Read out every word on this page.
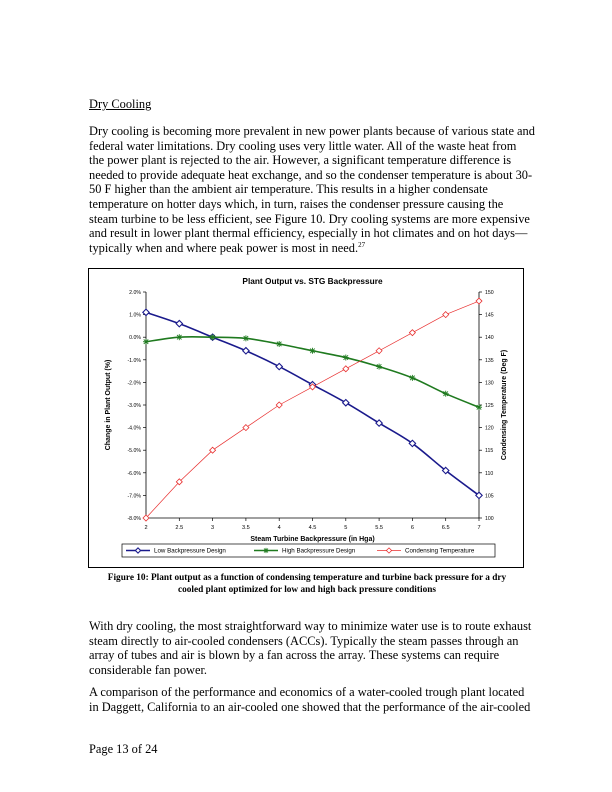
Dry Cooling

Dry cooling is becoming more prevalent in new power plants because of various state and
federal water limitations. Dry cooling uses very little water. All of the waste heat from
the power plant is rejected to the air. However, a significant temperature difference is
needed to provide adequate heat exchange, and so the condenser temperature is about 30-
50 F higher than the ambient air temperature. This results in a higher condensate
temperature on hotter days which, in turn, raises the condenser pressure causing the
steam turbine to be less efficient, see Figure 10. Dry cooling systems are more expensive
and result in lower plant thermal efficiency, especially in hot climates and on hot days—
typically when and where peak power is most in need.$^{27}$

Plant Output vs. STG Backpressure
2.0%
1.0%
0.0%
-1.0%
-2.0%
-3.0%
-4.0%
-5.0%
-6.0%
-7.0%
-8.0%
150
145
140
135
130
125
120
115
110
105
100
2	2.5	3	3.5	4	4.5	5	5.5	6	6.5	7
Steam Turbine Backpressure (in Hga)
Change in Plant Output (%)	Condensing Temperature (Deg F)
Low Backpressure Design	High Backpressure Design	Condensing Temperature

Figure 10: Plant output as a function of condensing temperature and turbine back pressure for a dry
cooled plant optimized for low and high back pressure conditions

With dry cooling, the most straightforward way to minimize water use is to route exhaust
steam directly to air-cooled condensers (ACCs). Typically the steam passes through an
array of tubes and air is blown by a fan across the array. These systems can require
considerable fan power.

A comparison of the performance and economics of a water-cooled trough plant located
in Daggett, California to an air-cooled one showed that the performance of the air-cooled

Page 13 of 24
